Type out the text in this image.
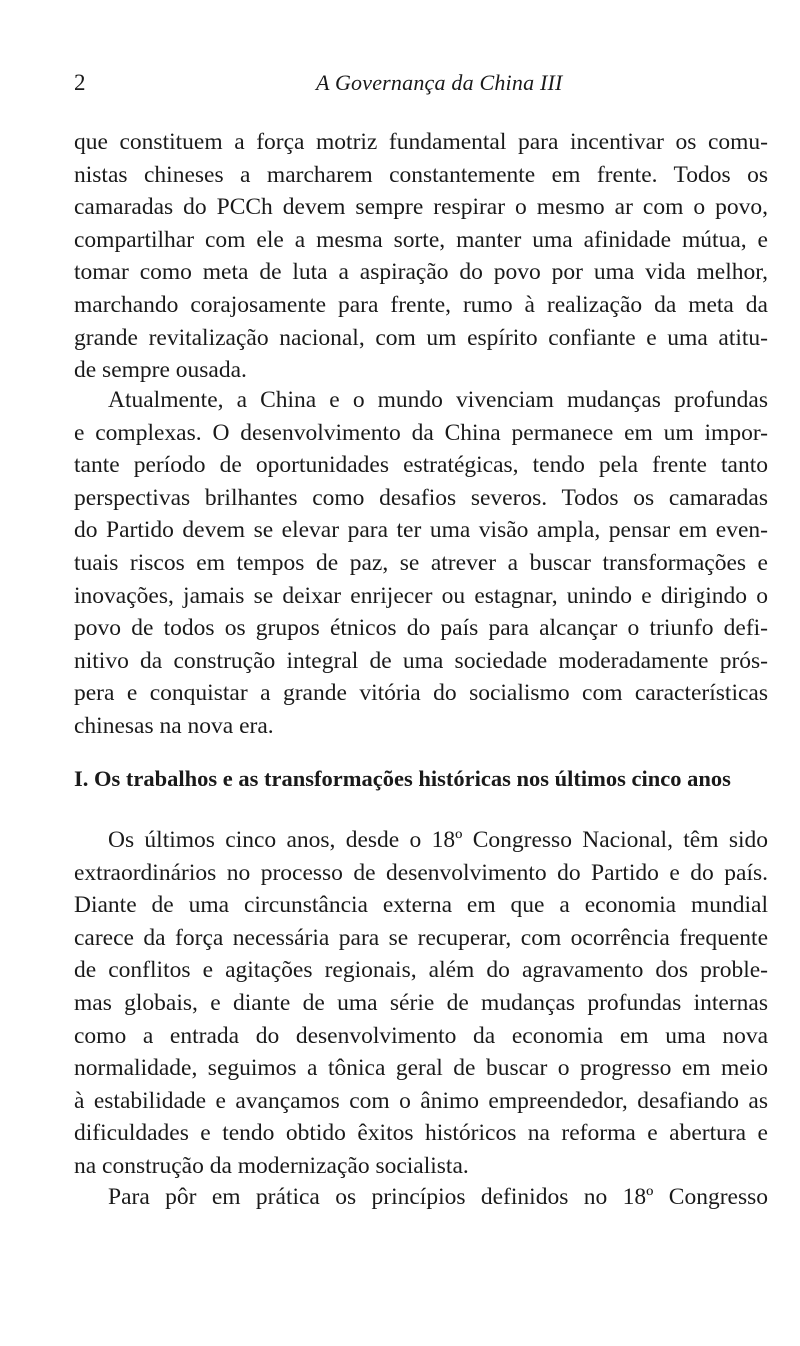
2	A Governança da China III
que constituem a força motriz fundamental para incentivar os comu-
nistas chineses a marcharem constantemente em frente. Todos os
camaradas do PCCh devem sempre respirar o mesmo ar com o povo,
compartilhar com ele a mesma sorte, manter uma afinidade mútua, e
tomar como meta de luta a aspiração do povo por uma vida melhor,
marchando corajosamente para frente, rumo à realização da meta da
grande revitalização nacional, com um espírito confiante e uma atitu-
de sempre ousada.
Atualmente, a China e o mundo vivenciam mudanças profundas
e complexas. O desenvolvimento da China permanece em um impor-
tante período de oportunidades estratégicas, tendo pela frente tanto
perspectivas brilhantes como desafios severos. Todos os camaradas
do Partido devem se elevar para ter uma visão ampla, pensar em even-
tuais riscos em tempos de paz, se atrever a buscar transformações e
inovações, jamais se deixar enrijecer ou estagnar, unindo e dirigindo o
povo de todos os grupos étnicos do país para alcançar o triunfo defi-
nitivo da construção integral de uma sociedade moderadamente prós-
pera e conquistar a grande vitória do socialismo com características
chinesas na nova era.
I. Os trabalhos e as transformações históricas nos últimos cinco anos
Os últimos cinco anos, desde o 18º Congresso Nacional, têm sido
extraordinários no processo de desenvolvimento do Partido e do país.
Diante de uma circunstância externa em que a economia mundial
carece da força necessária para se recuperar, com ocorrência frequente
de conflitos e agitações regionais, além do agravamento dos proble-
mas globais, e diante de uma série de mudanças profundas internas
como a entrada do desenvolvimento da economia em uma nova
normalidade, seguimos a tônica geral de buscar o progresso em meio
à estabilidade e avançamos com o ânimo empreendedor, desafiando as
dificuldades e tendo obtido êxitos históricos na reforma e abertura e
na construção da modernização socialista.
Para pôr em prática os princípios definidos no 18º Congresso
